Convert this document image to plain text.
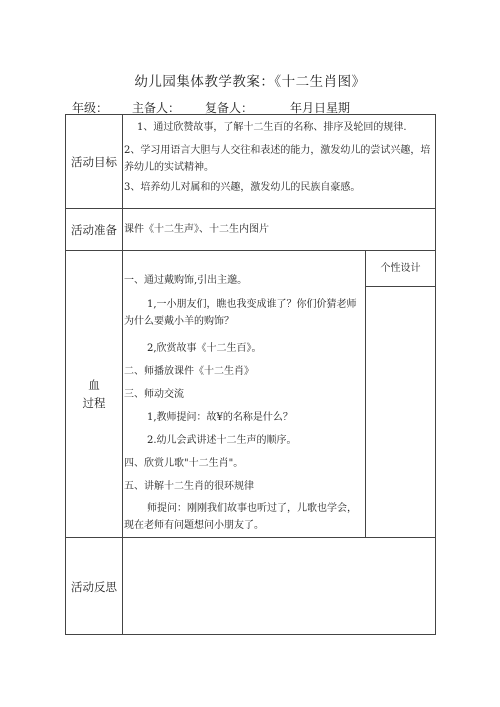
幼儿园集体教学教案：《十二生肖图》
年级： 主备人： 复备人：	年月日星期
活动目标
1、通过欣赞故事，了解十二生百的名称、排序及轮回的规律.
2、学习用语言大胆与人交往和表述的能力，激发幼儿的尝试兴趣，培养幼儿的实试精神。
3、培养幼儿对属和的兴趣，激发幼儿的民族自豪感。
活动准备 课件《十二生声》、十二生内图片
血
过程
一、通过戴购饰,引出主邈。
1,一小朋友们，瞧也我变成谁了？你们价猜老师为什么要戴小羊的购饰？
2,欣赏故事《十二生百》。
二、师播放课件《十二生肖》
三、师动交流
1,教师提问：故¥的名称是什么？
2.幼儿会武讲述十二生声的顺序。
四、欣赏儿歌"十二生肖"。
五、讲解十二生肖的很环规律
师提问：刚刚我们故事也听过了，儿歌也学会，现在老师有问题想问小朋友了。
个性设计
活动反思
